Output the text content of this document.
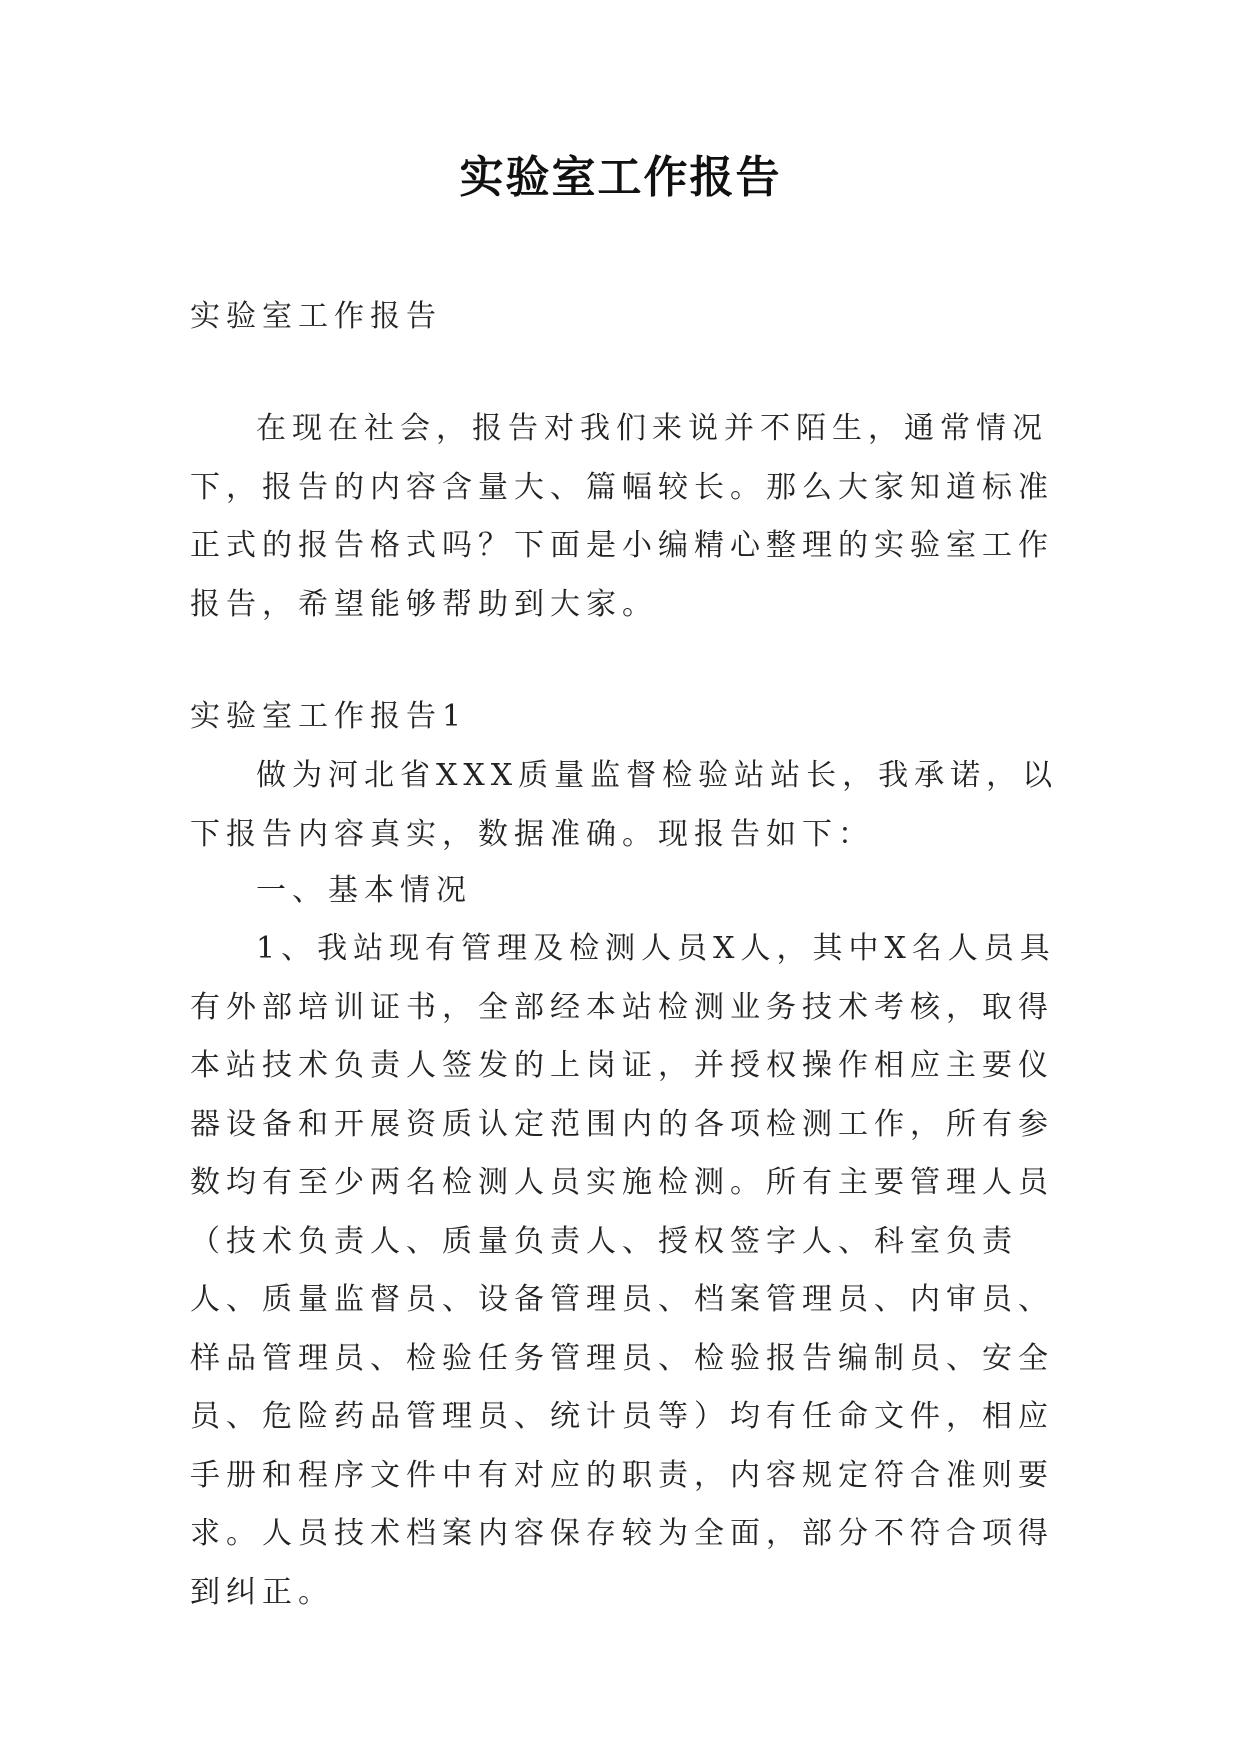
实验室工作报告
实验室工作报告
在现在社会，报告对我们来说并不陌生，通常情况下，报告的内容含量大、篇幅较长。那么大家知道标准正式的报告格式吗？下面是小编精心整理的实验室工作报告，希望能够帮助到大家。
实验室工作报告1
做为河北省XXX质量监督检验站站长，我承诺，以下报告内容真实，数据准确。现报告如下：
一、基本情况
1、我站现有管理及检测人员X人，其中X名人员具有外部培训证书，全部经本站检测业务技术考核，取得本站技术负责人签发的上岗证，并授权操作相应主要仪器设备和开展资质认定范围内的各项检测工作，所有参数均有至少两名检测人员实施检测。所有主要管理人员（技术负责人、质量负责人、授权签字人、科室负责人、质量监督员、设备管理员、档案管理员、内审员、样品管理员、检验任务管理员、检验报告编制员、安全员、危险药品管理员、统计员等）均有任命文件，相应手册和程序文件中有对应的职责，内容规定符合准则要求。人员技术档案内容保存较为全面，部分不符合项得到纠正。
